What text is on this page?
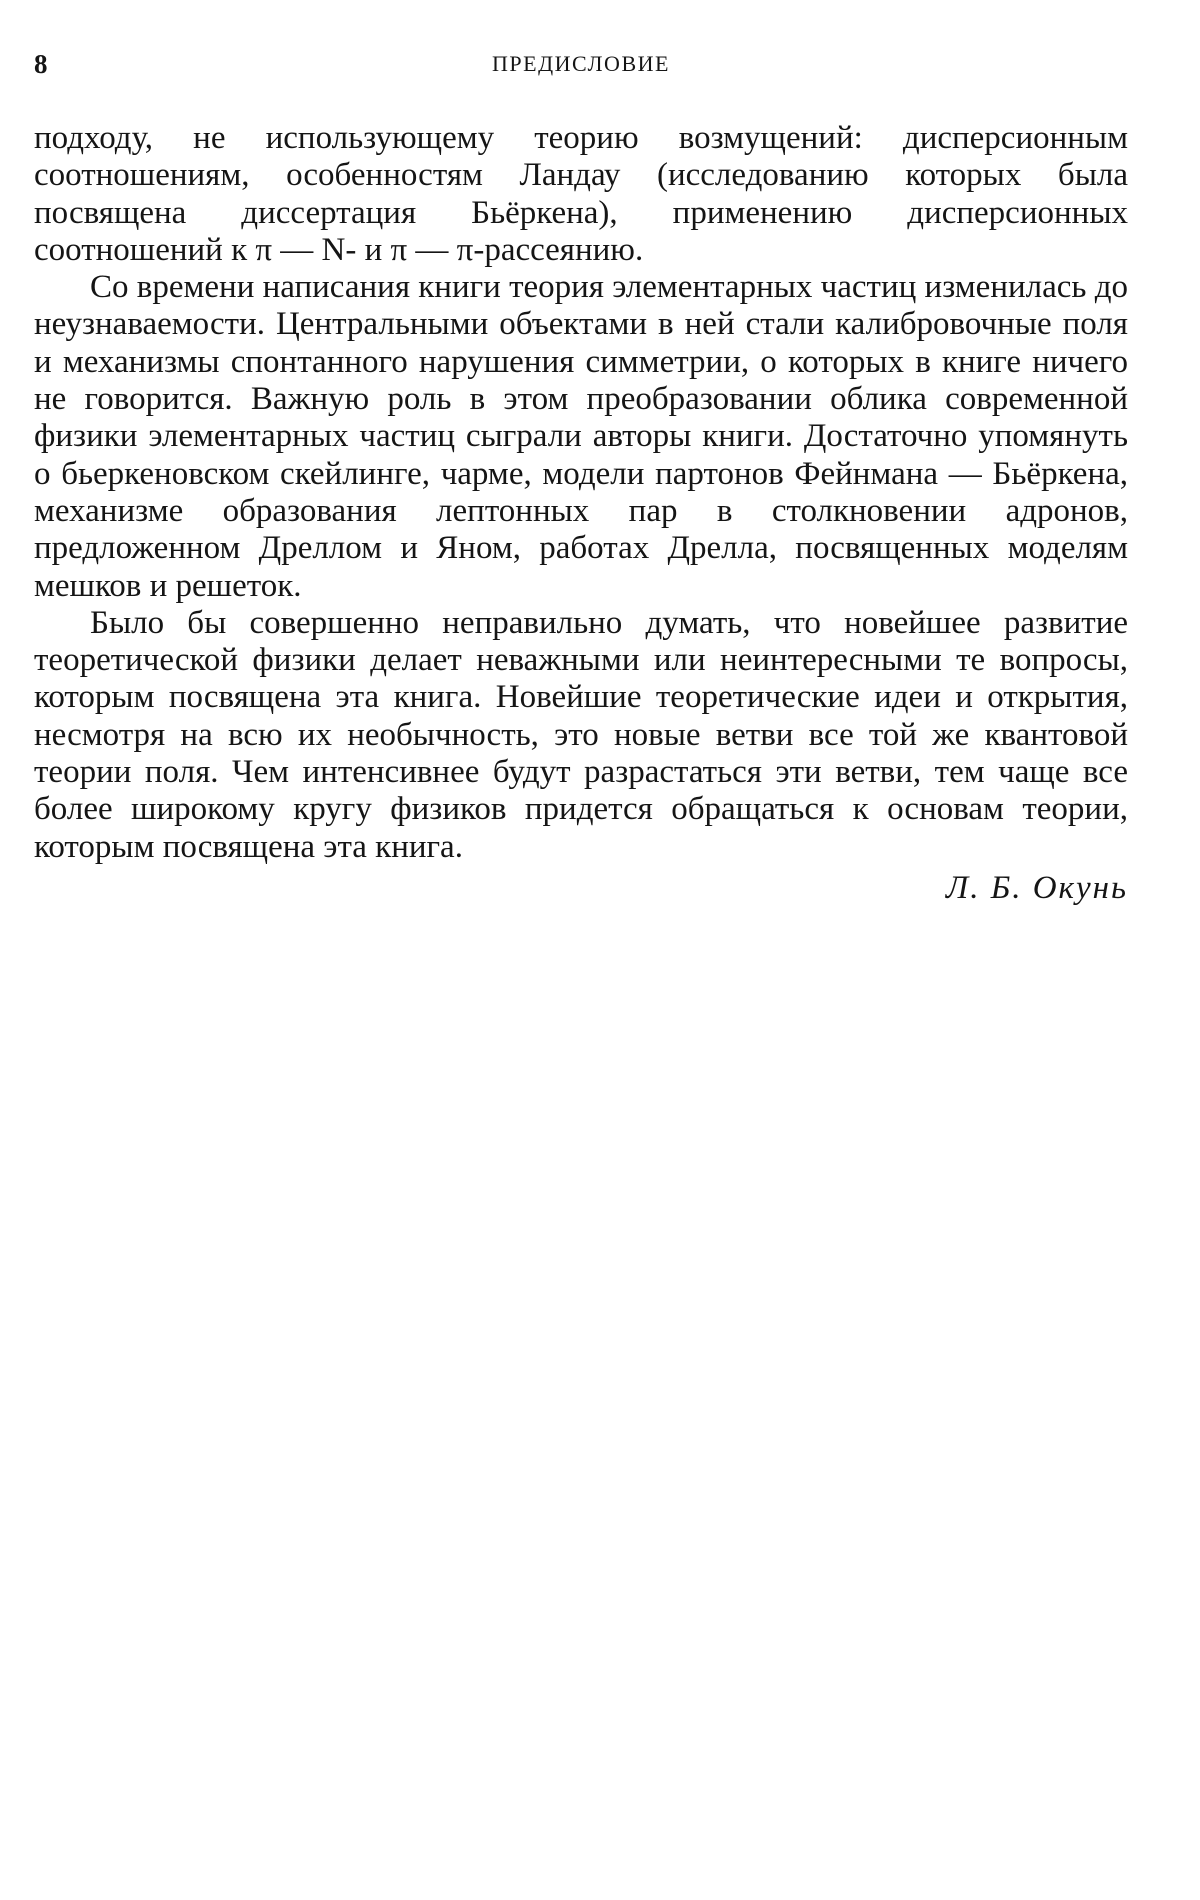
8	ПРЕДИСЛОВИЕ

подходу, не использующему теорию возмущений: дисперсионным соотношениям, особенностям Ландау (исследованию которых была посвящена диссертация Бьёркена), применению дисперсионных соотношений к π — N- и π — π-рассеянию.

Со времени написания книги теория элементарных частиц изменилась до неузнаваемости. Центральными объектами в ней стали калибровочные поля и механизмы спонтанного нарушения симметрии, о которых в книге ничего не говорится. Важную роль в этом преобразовании облика современной физики элементарных частиц сыграли авторы книги. Достаточно упомянуть о бьеркеновском скейлинге, чарме, модели партонов Фейнмана — Бьёркена, механизме образования лептонных пар в столкновении адронов, предложенном Дреллом и Яном, работах Дрелла, посвященных моделям мешков и решеток.

Было бы совершенно неправильно думать, что новейшее развитие теоретической физики делает неважными или неинтересными те вопросы, которым посвящена эта книга. Новейшие теоретические идеи и открытия, несмотря на всю их необычность, это новые ветви все той же квантовой теории поля. Чем интенсивнее будут разрастаться эти ветви, тем чаще все более широкому кругу физиков придется обращаться к основам теории, которым посвящена эта книга.

Л. Б. Окунь
